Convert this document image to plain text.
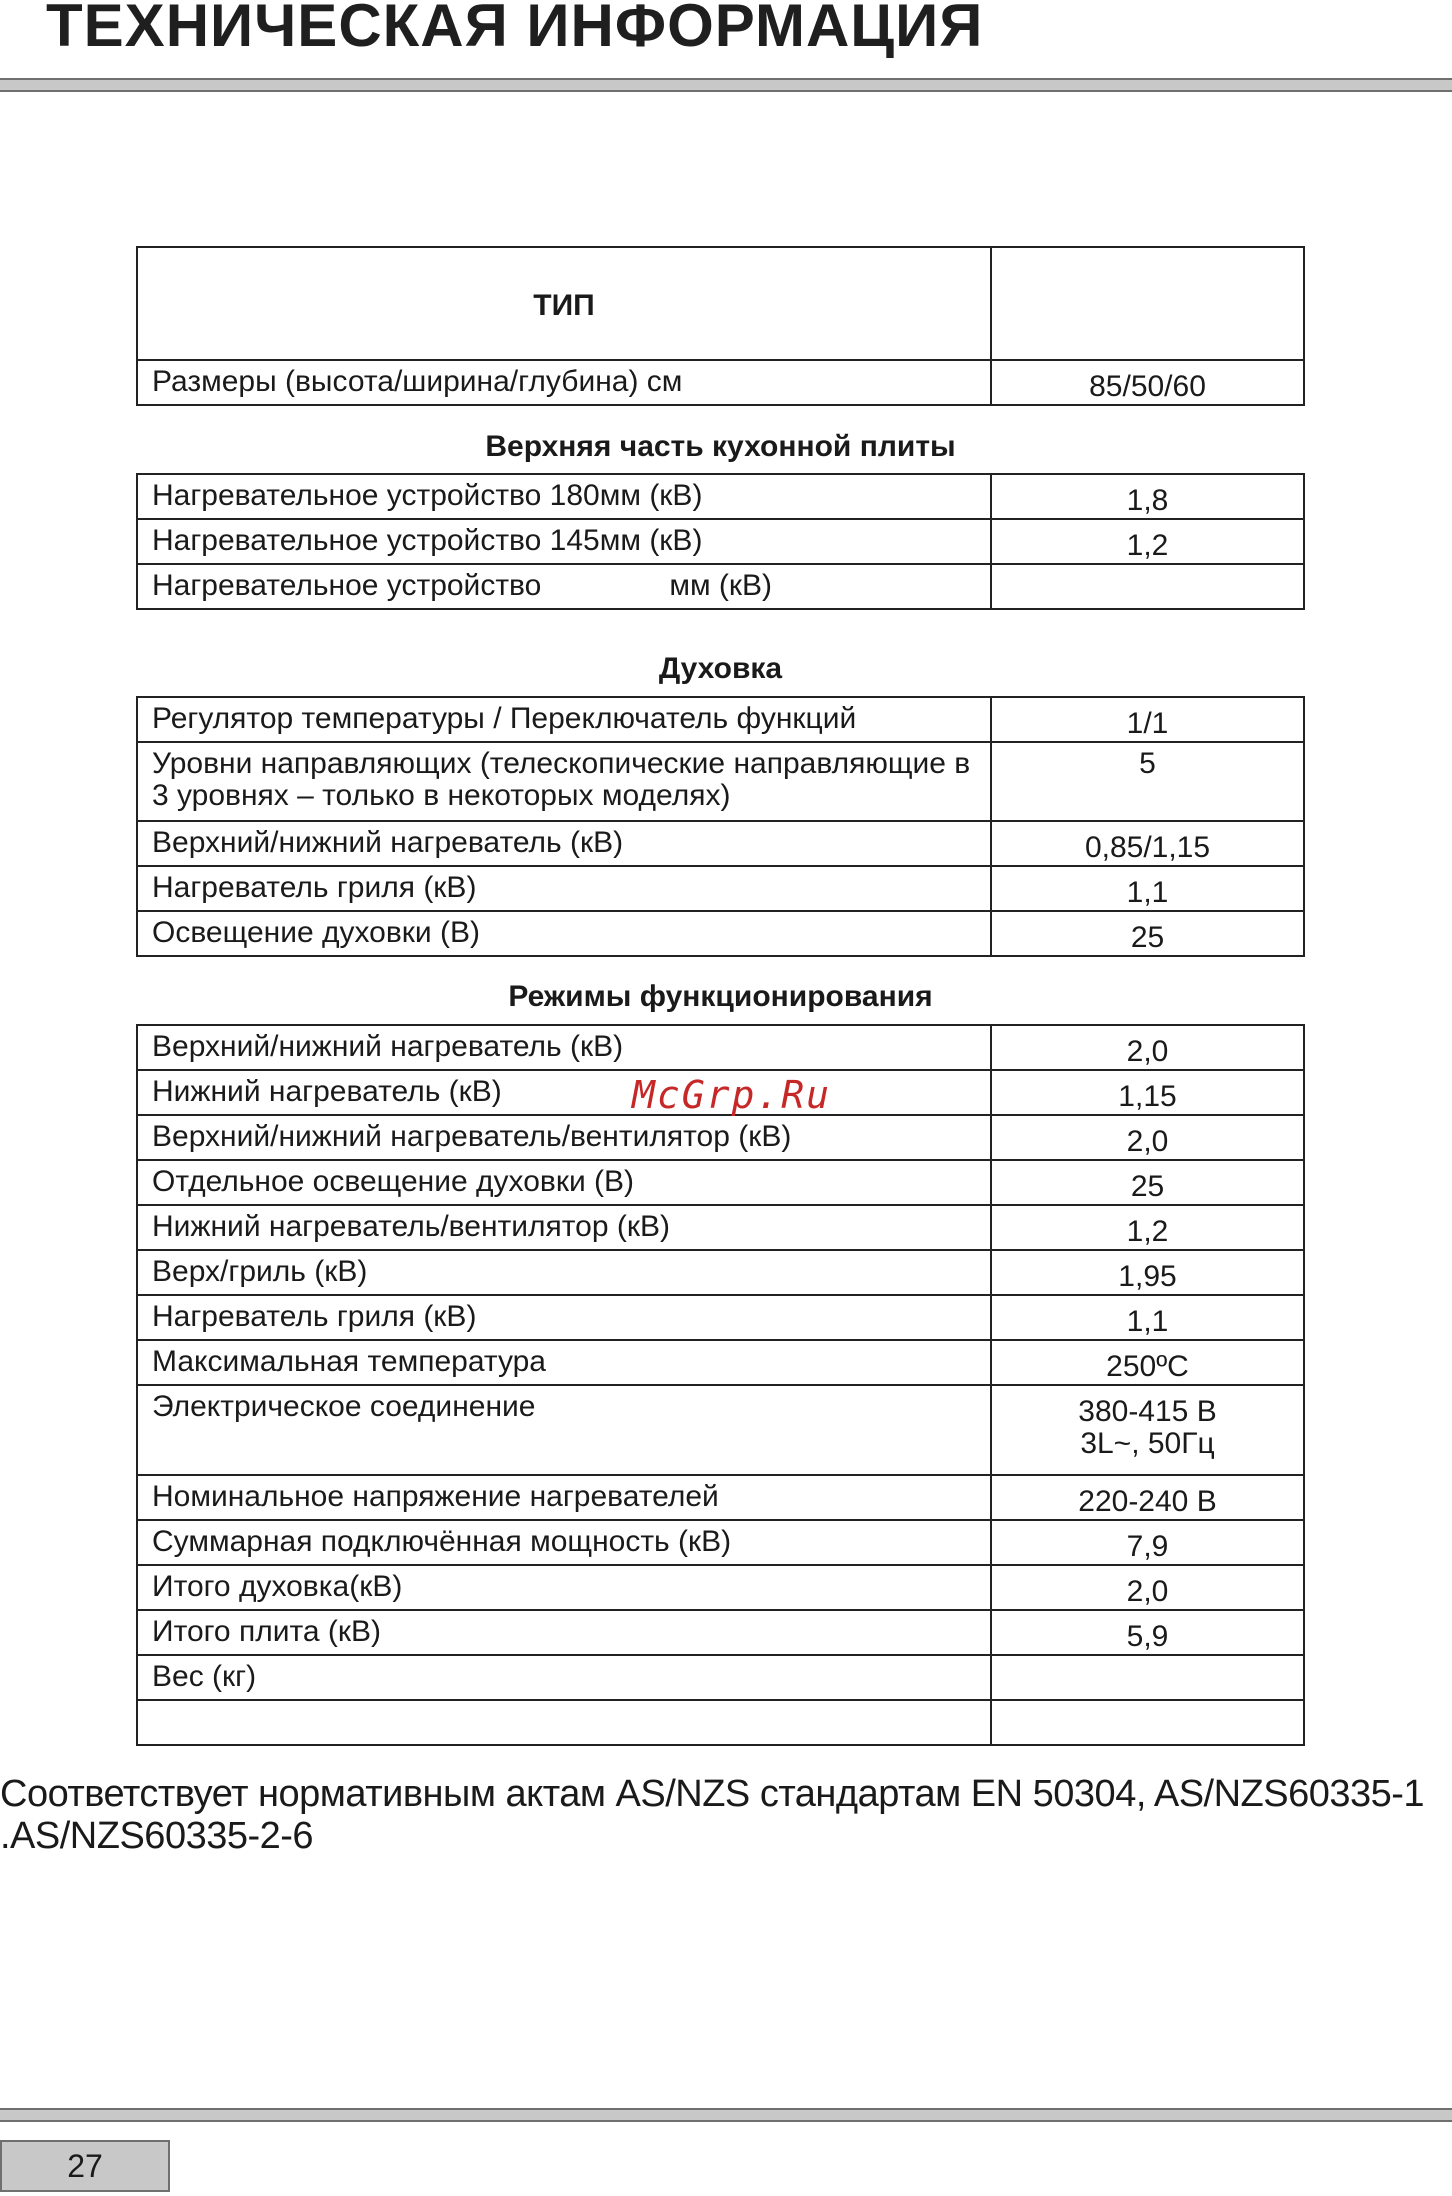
ТЕХНИЧЕСКАЯ ИНФОРМАЦИЯ
ТИП	
Размеры (высота/ширина/глубина) см	85/50/60
Верхняя часть кухонной плиты
Нагревательное устройство 180мм (кВ)	1,8
Нагревательное устройство 145мм (кВ)	1,2
Нагревательное устройство мм (кВ)	
Духовка
Регулятор температуры / Переключатель функций	1/1
Уровни направляющих (телескопические направляющие в 3 уровнях – только в некоторых моделях)	5
Верхний/нижний нагреватель (кВ)	0,85/1,15
Нагреватель гриля (кВ)	1,1
Освещение духовки (В)	25
Режимы функционирования
Верхний/нижний нагреватель (кВ)	2,0
Нижний нагреватель (кВ)	1,15
Верхний/нижний нагреватель/вентилятор (кВ)	2,0
Отдельное освещение духовки (В)	25
Нижний нагреватель/вентилятор (кВ)	1,2
Верх/гриль (кВ)	1,95
Нагреватель гриля (кВ)	1,1
Максимальная температура	250ºC
Электрическое соединение	380-415 В
3L~, 50Гц

Номинальное напряжение нагревателей	220-240 В
Суммарная подключённая мощность (кВ)	7,9
Итого духовка(кВ)	2,0
Итого плита (кВ)	5,9
Вес (кг)	

McGrp.Ru
Соответствует нормативным актам AS/NZS стандартам EN 50304, AS/NZS60335-1
.AS/NZS60335-2-6
27
